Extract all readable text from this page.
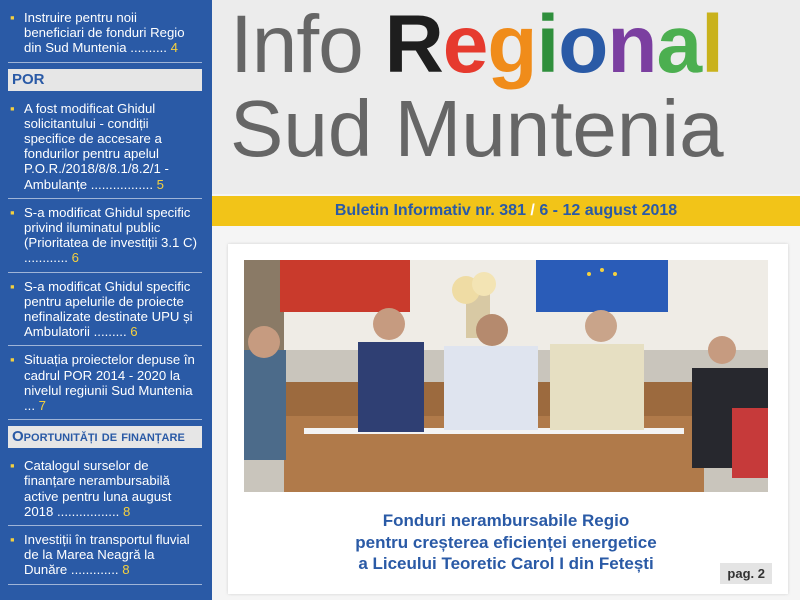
▪ Instruire pentru noii beneficiari de fonduri Regio din Sud Muntenia .......... 4
POR
▪ A fost modificat Ghidul solicitantului - condiții specifice de accesare a fondurilor pentru apelul P.O.R./2018/8/8.1/8.2/1 - Ambulanțe ................. 5
▪ S-a modificat Ghidul specific privind iluminatul public (Prioritatea de investiții 3.1 C) ............ 6
▪ S-a modificat Ghidul specific pentru apelurile de proiecte nefinalizate destinate UPU și Ambulatorii ......... 6
▪ Situația proiectelor depuse în cadrul POR 2014 - 2020 la nivelul regiunii Sud Muntenia ... 7
Oportunități de finanțare
▪ Catalogul surselor de finanțare nerambursabilă active pentru luna august 2018 ................. 8
▪ Investiții în transportul fluvial de la Marea Neagră la Dunăre ............. 8
Info Regional
Sud Muntenia
Buletin Informativ nr. 381 / 6 - 12 august 2018
Fonduri nerambursabile Regio
pentru creșterea eficienței energetice
a Liceului Teoretic Carol I din Fetești
pag. 2
